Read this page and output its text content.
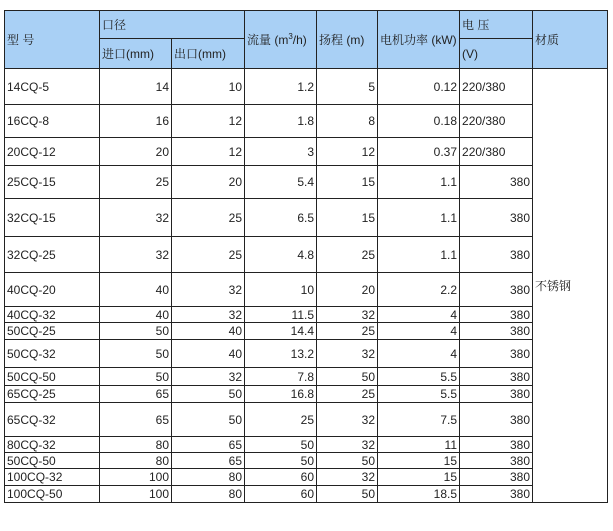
型 号	口径		流量 $(m^3/h)$	扬程 (m)	电机功率 (kW)	电 压	材质
	进口(mm)	出口(mm)				(V)	
14CQ-5	14	10	1.2	5	0.12	220/380	不锈钢
16CQ-8	16	12	1.8	8	0.18	220/380	
20CQ-12	20	12	3	12	0.37	220/380	
25CQ-15	25	20	5.4	15	1.1	380	
32CQ-15	32	25	6.5	15	1.1	380	
32CQ-25	32	25	4.8	25	1.1	380	
40CQ-20	40	32	10	20	2.2	380	
40CQ-32	40	32	11.5	32	4	380	
50CQ-25	50	40	14.4	25	4	380	
50CQ-32	50	40	13.2	32	4	380	
50CQ-50	50	32	7.8	50	5.5	380	
65CQ-25	65	50	16.8	25	5.5	380	
65CQ-32	65	50	25	32	7.5	380	
80CQ-32	80	65	50	32	11	380	
50CQ-50	80	65	50	50	15	380	
100CQ-32	100	80	60	32	15	380	
100CQ-50	100	80	60	50	18.5	380	
